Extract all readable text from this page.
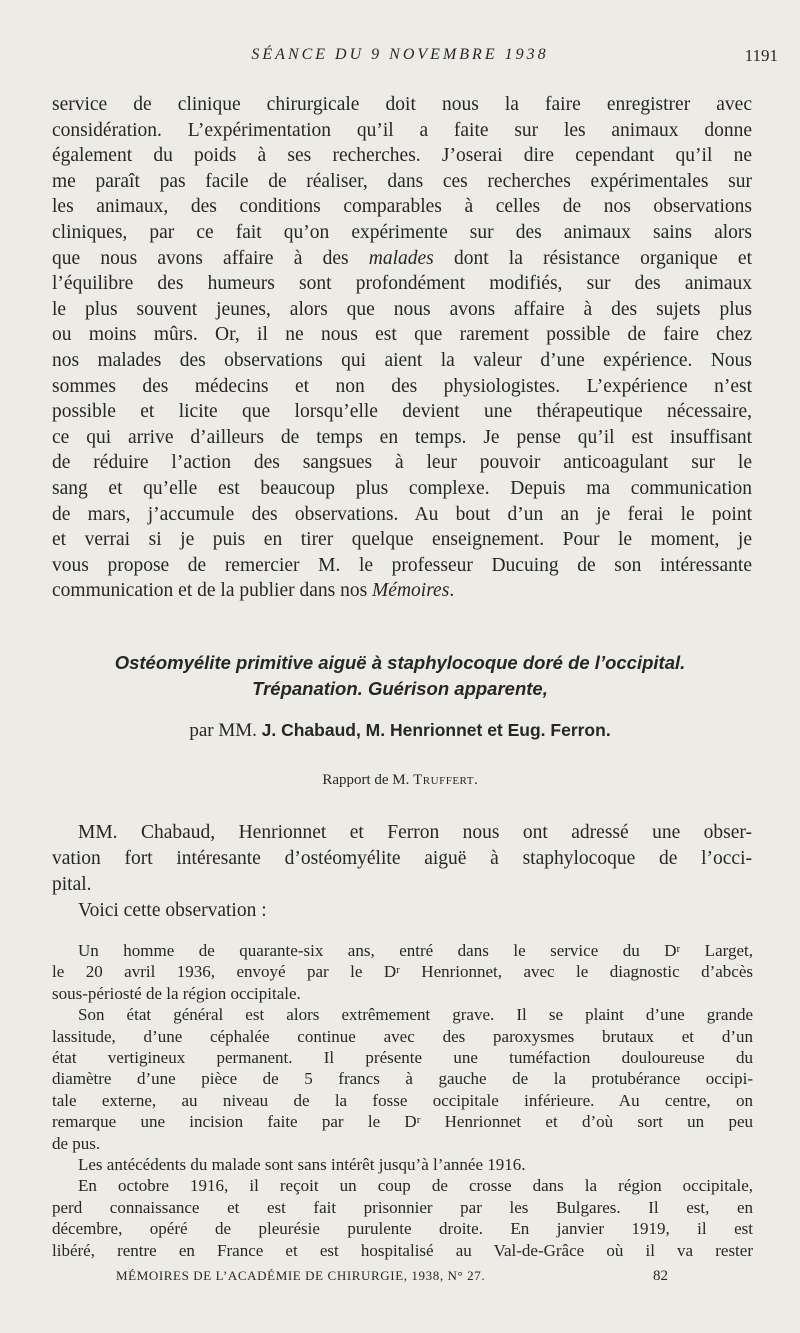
SÉANCE DU 9 NOVEMBRE 1938	1191
service de clinique chirurgicale doit nous la faire enregistrer avec
considération. L’expérimentation qu’il a faite sur les animaux donne
également du poids à ses recherches. J’oserai dire cependant qu’il ne
me paraît pas facile de réaliser, dans ces recherches expérimentales sur
les animaux, des conditions comparables à celles de nos observations
cliniques, par ce fait qu’on expérimente sur des animaux sains alors
que nous avons affaire à des malades dont la résistance organique et
l’équilibre des humeurs sont profondément modifiés, sur des animaux
le plus souvent jeunes, alors que nous avons affaire à des sujets plus
ou moins mûrs. Or, il ne nous est que rarement possible de faire chez
nos malades des observations qui aient la valeur d’une expérience. Nous
sommes des médecins et non des physiologistes. L’expérience n’est
possible et licite que lorsqu’elle devient une thérapeutique nécessaire,
ce qui arrive d’ailleurs de temps en temps. Je pense qu’il est insuffisant
de réduire l’action des sangsues à leur pouvoir anticoagulant sur le
sang et qu’elle est beaucoup plus complexe. Depuis ma communication
de mars, j’accumule des observations. Au bout d’un an je ferai le point
et verrai si je puis en tirer quelque enseignement. Pour le moment, je
vous propose de remercier M. le professeur Ducuing de son intéressante
communication et de la publier dans nos Mémoires.
Ostéomyélite primitive aiguë à staphylocoque doré de l’occipital.
Trépanation. Guérison apparente,
par MM. J. Chabaud, M. Henrionnet et Eug. Ferron.
Rapport de M. Truffert.
MM. Chabaud, Henrionnet et Ferron nous ont adressé une obser-
vation fort intéresante d’ostéomyélite aiguë à staphylocoque de l’occi-
pital.
Voici cette observation :
Un homme de quarante-six ans, entré dans le service du $D^r$ Larget,
le 20 avril 1936, envoyé par le $D^r$ Henrionnet, avec le diagnostic d’abcès
sous-périosté de la région occipitale.
Son état général est alors extrêmement grave. Il se plaint d’une grande
lassitude, d’une céphalée continue avec des paroxysmes brutaux et d’un
état vertigineux permanent. Il présente une tuméfaction douloureuse du
diamètre d’une pièce de 5 francs à gauche de la protubérance occipi-
tale externe, au niveau de la fosse occipitale inférieure. Au centre, on
remarque une incision faite par le $D^r$ Henrionnet et d’où sort un peu
de pus.
Les antécédents du malade sont sans intérêt jusqu’à l’année 1916.
En octobre 1916, il reçoit un coup de crosse dans la région occipitale,
perd connaissance et est fait prisonnier par les Bulgares. Il est, en
décembre, opéré de pleurésie purulente droite. En janvier 1919, il est
libéré, rentre en France et est hospitalisé au Val-de-Grâce où il va rester
MÉMOIRES DE L’ACADÉMIE DE CHIRURGIE, 1938, N° 27.	82
